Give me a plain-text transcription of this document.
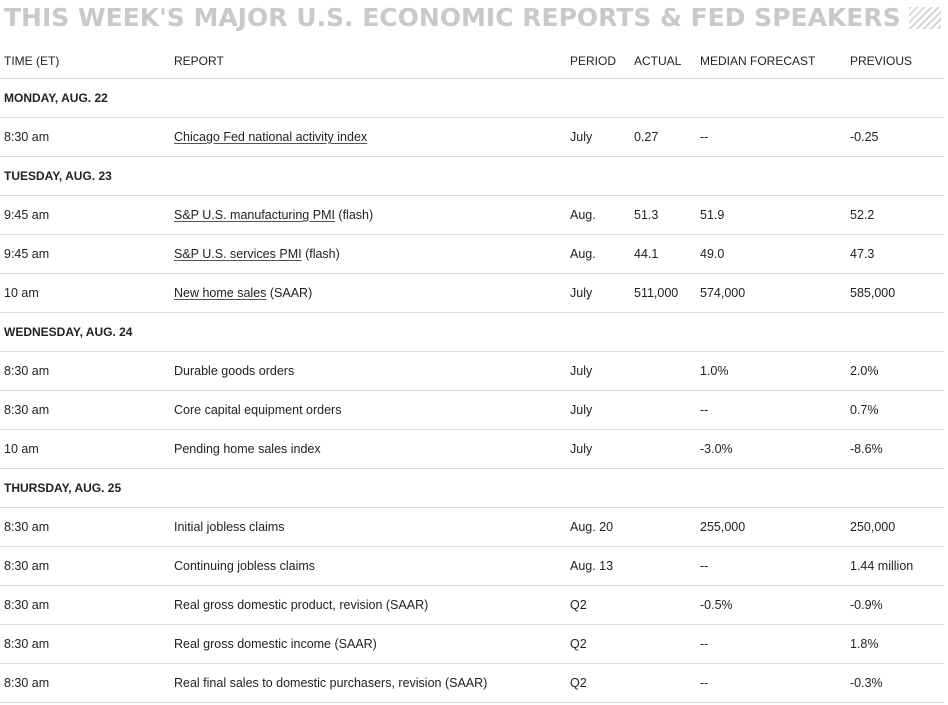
THIS WEEK'S MAJOR U.S. ECONOMIC REPORTS & FED SPEAKERS
TIME (ET)	REPORT	PERIOD	ACTUAL	MEDIAN FORECAST	PREVIOUS
MONDAY, AUG. 22					
8:30 am	Chicago Fed national activity index	July	0.27	--	-0.25
TUESDAY, AUG. 23					
9:45 am	S&P U.S. manufacturing PMI (flash)	Aug.	51.3	51.9	52.2
9:45 am	S&P U.S. services PMI (flash)	Aug.	44.1	49.0	47.3
10 am	New home sales (SAAR)	July	511,000	574,000	585,000
WEDNESDAY, AUG. 24					
8:30 am	Durable goods orders	July		1.0%	2.0%
8:30 am	Core capital equipment orders	July		--	0.7%
10 am	Pending home sales index	July		-3.0%	-8.6%
THURSDAY, AUG. 25					
8:30 am	Initial jobless claims	Aug. 20		255,000	250,000
8:30 am	Continuing jobless claims	Aug. 13		--	1.44 million
8:30 am	Real gross domestic product, revision (SAAR)	Q2		-0.5%	-0.9%
8:30 am	Real gross domestic income (SAAR)	Q2		--	1.8%
8:30 am	Real final sales to domestic purchasers, revision (SAAR)	Q2		--	-0.3%
